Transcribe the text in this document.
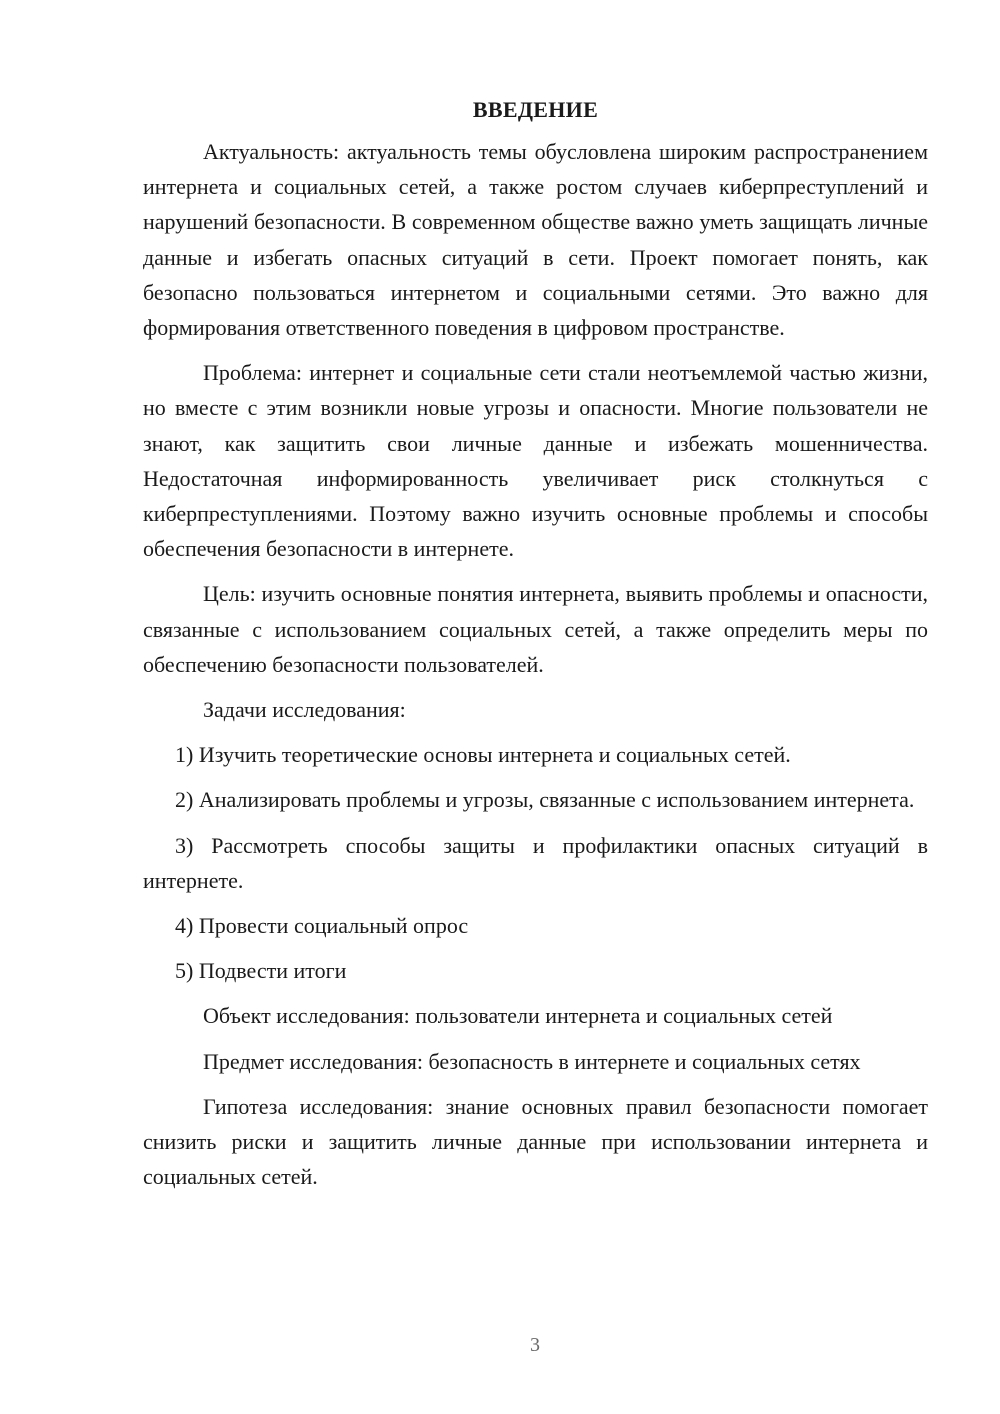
ВВЕДЕНИЕ

Актуальность: актуальность темы обусловлена широким распространением интернета и социальных сетей, а также ростом случаев киберпреступлений и нарушений безопасности. В современном обществе важно уметь защищать личные данные и избегать опасных ситуаций в сети. Проект помогает понять, как безопасно пользоваться интернетом и социальными сетями. Это важно для формирования ответственного поведения в цифровом пространстве.

Проблема: интернет и социальные сети стали неотъемлемой частью жизни, но вместе с этим возникли новые угрозы и опасности. Многие пользователи не знают, как защитить свои личные данные и избежать мошенничества. Недостаточная информированность увеличивает риск столкнуться с киберпреступлениями. Поэтому важно изучить основные проблемы и способы обеспечения безопасности в интернете.

Цель: изучить основные понятия интернета, выявить проблемы и опасности, связанные с использованием социальных сетей, а также определить меры по обеспечению безопасности пользователей.

Задачи исследования:

1) Изучить теоретические основы интернета и социальных сетей.

2) Анализировать проблемы и угрозы, связанные с использованием интернета.

3) Рассмотреть способы защиты и профилактики опасных ситуаций в интернете.

4) Провести социальный опрос

5) Подвести итоги

Объект исследования: пользователи интернета и социальных сетей

Предмет исследования: безопасность в интернете и социальных сетях

Гипотеза исследования: знание основных правил безопасности помогает снизить риски и защитить личные данные при использовании интернета и социальных сетей.

3
